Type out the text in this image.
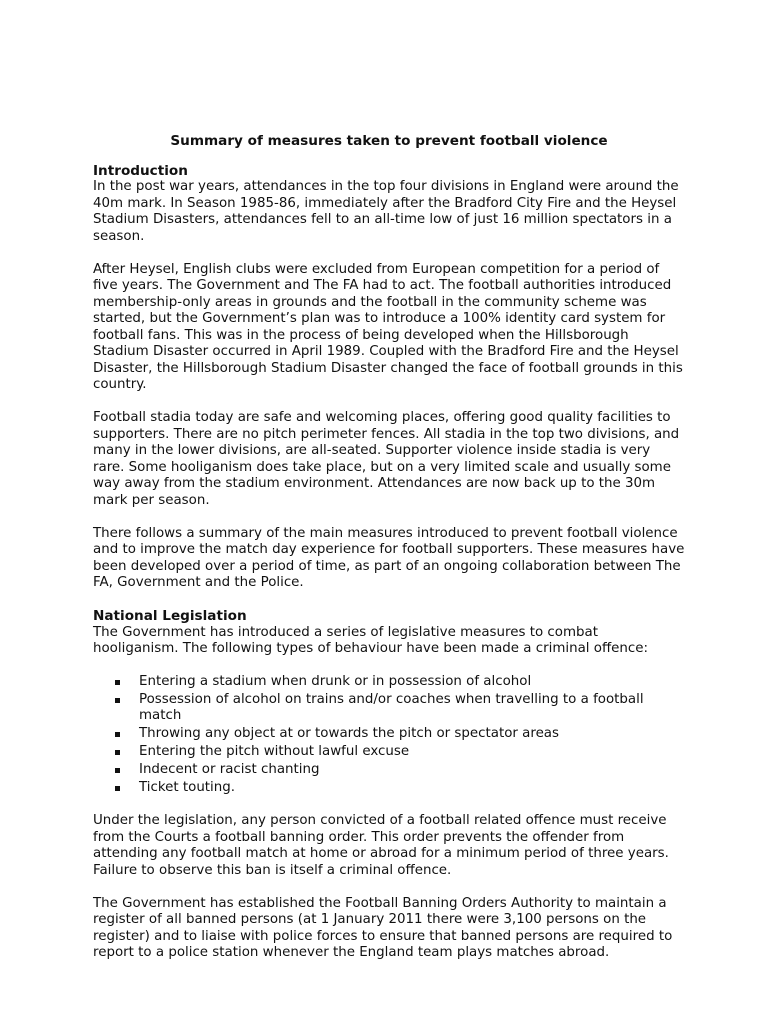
Summary of measures taken to prevent football violence

Introduction

In the post war years, attendances in the top four divisions in England were around the 40m mark. In Season 1985-86, immediately after the Bradford City Fire and the Heysel Stadium Disasters, attendances fell to an all-time low of just 16 million spectators in a season.

After Heysel, English clubs were excluded from European competition for a period of five years. The Government and The FA had to act. The football authorities introduced membership-only areas in grounds and the football in the community scheme was started, but the Government’s plan was to introduce a 100% identity card system for football fans. This was in the process of being developed when the Hillsborough Stadium Disaster occurred in April 1989. Coupled with the Bradford Fire and the Heysel Disaster, the Hillsborough Stadium Disaster changed the face of football grounds in this country.

Football stadia today are safe and welcoming places, offering good quality facilities to supporters. There are no pitch perimeter fences. All stadia in the top two divisions, and many in the lower divisions, are all-seated. Supporter violence inside stadia is very rare. Some hooliganism does take place, but on a very limited scale and usually some way away from the stadium environment. Attendances are now back up to the 30m mark per season.

There follows a summary of the main measures introduced to prevent football violence and to improve the match day experience for football supporters. These measures have been developed over a period of time, as part of an ongoing collaboration between The FA, Government and the Police.

National Legislation

The Government has introduced a series of legislative measures to combat hooliganism. The following types of behaviour have been made a criminal offence:

Entering a stadium when drunk or in possession of alcohol
Possession of alcohol on trains and/or coaches when travelling to a football match
Throwing any object at or towards the pitch or spectator areas
Entering the pitch without lawful excuse
Indecent or racist chanting
Ticket touting.

Under the legislation, any person convicted of a football related offence must receive from the Courts a football banning order. This order prevents the offender from attending any football match at home or abroad for a minimum period of three years. Failure to observe this ban is itself a criminal offence.

The Government has established the Football Banning Orders Authority to maintain a register of all banned persons (at 1 January 2011 there were 3,100 persons on the register) and to liaise with police forces to ensure that banned persons are required to report to a police station whenever the England team plays matches abroad.
